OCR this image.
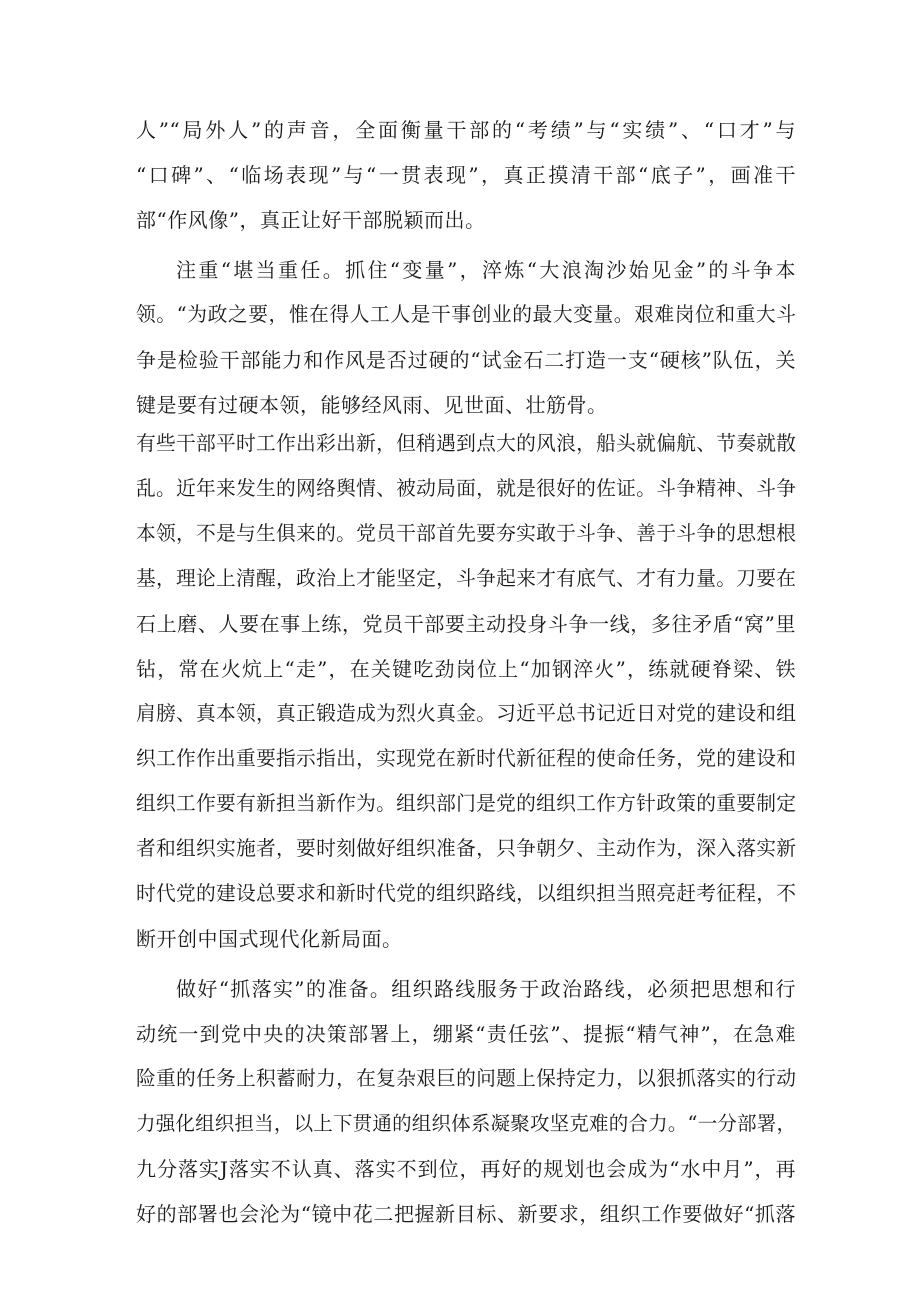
人”“局外人”的声音，全面衡量干部的“考绩”与“实绩”、“口才”与

“口碑”、“临场表现”与“一贯表现”，真正摸清干部“底子”，画准干

部“作风像”，真正让好干部脱颖而出。

注重“堪当重任。抓住“变量”，淬炼“大浪淘沙始见金”的斗争本

领。“为政之要，惟在得人工人是干事创业的最大变量。艰难岗位和重大斗

争是检验干部能力和作风是否过硬的“试金石二打造一支“硬核”队伍，关

键是要有过硬本领，能够经风雨、见世面、壮筋骨。

有些干部平时工作出彩出新，但稍遇到点大的风浪，船头就偏航、节奏就散

乱。近年来发生的网络舆情、被动局面，就是很好的佐证。斗争精神、斗争

本领，不是与生俱来的。党员干部首先要夯实敢于斗争、善于斗争的思想根

基，理论上清醒，政治上才能坚定，斗争起来才有底气、才有力量。刀要在

石上磨、人要在事上练，党员干部要主动投身斗争一线，多往矛盾“窝”里

钻，常在火炕上“走”，在关键吃劲岗位上“加钢淬火”，练就硬脊梁、铁

肩膀、真本领，真正锻造成为烈火真金。习近平总书记近日对党的建设和组

织工作作出重要指示指出，实现党在新时代新征程的使命任务，党的建设和

组织工作要有新担当新作为。组织部门是党的组织工作方针政策的重要制定

者和组织实施者，要时刻做好组织准备，只争朝夕、主动作为，深入落实新

时代党的建设总要求和新时代党的组织路线，以组织担当照亮赶考征程，不

断开创中国式现代化新局面。

做好“抓落实”的准备。组织路线服务于政治路线，必须把思想和行

动统一到党中央的决策部署上，绷紧“责任弦”、提振“精气神”，在急难

险重的任务上积蓄耐力，在复杂艰巨的问题上保持定力，以狠抓落实的行动

力强化组织担当，以上下贯通的组织体系凝聚攻坚克难的合力。“一分部署，

九分落实J落实不认真、落实不到位，再好的规划也会成为“水中月”，再

好的部署也会沦为“镜中花二把握新目标、新要求，组织工作要做好“抓落
